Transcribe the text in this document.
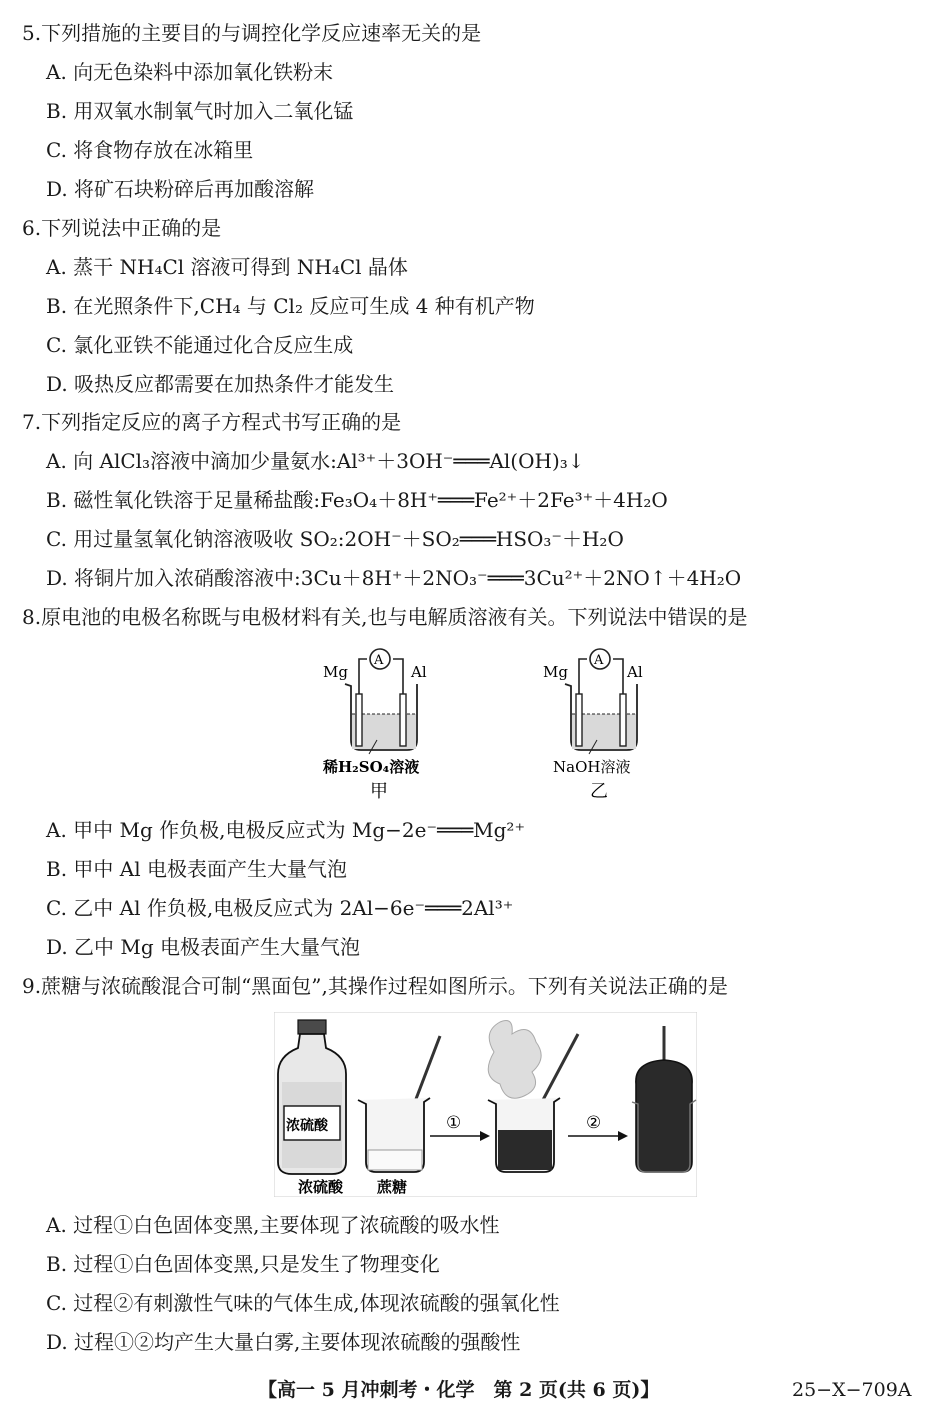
5.下列措施的主要目的与调控化学反应速率无关的是
A. 向无色染料中添加氧化铁粉末
B. 用双氧水制氧气时加入二氧化锰
C. 将食物存放在冰箱里
D. 将矿石块粉碎后再加酸溶解
6.下列说法中正确的是
A. 蒸干 NH₄Cl 溶液可得到 NH₄Cl 晶体
B. 在光照条件下,CH₄ 与 Cl₂ 反应可生成 4 种有机产物
C. 氯化亚铁不能通过化合反应生成
D. 吸热反应都需要在加热条件才能发生
7.下列指定反应的离子方程式书写正确的是
A. 向 AlCl₃溶液中滴加少量氨水:Al³⁺＋3OH⁻═══Al(OH)₃↓
B. 磁性氧化铁溶于足量稀盐酸:Fe₃O₄＋8H⁺═══Fe²⁺＋2Fe³⁺＋4H₂O
C. 用过量氢氧化钠溶液吸收 SO₂:2OH⁻＋SO₂═══HSO₃⁻＋H₂O
D. 将铜片加入浓硝酸溶液中:3Cu＋8H⁺＋2NO₃⁻═══3Cu²⁺＋2NO↑＋4H₂O
8.原电池的电极名称既与电极材料有关,也与电解质溶液有关。下列说法中错误的是
Mg	Al
A
稀H₂SO₄溶液
甲
Mg	Al
A
NaOH溶液
乙
A. 甲中 Mg 作负极,电极反应式为 Mg−2e⁻═══Mg²⁺
B. 甲中 Al 电极表面产生大量气泡
C. 乙中 Al 作负极,电极反应式为 2Al−6e⁻═══2Al³⁺
D. 乙中 Mg 电极表面产生大量气泡
9.蔗糖与浓硫酸混合可制“黑面包”,其操作过程如图所示。下列有关说法正确的是
浓硫酸
浓硫酸 蔗糖
①	②
A. 过程①白色固体变黑,主要体现了浓硫酸的吸水性
B. 过程①白色固体变黑,只是发生了物理变化
C. 过程②有刺激性气味的气体生成,体现浓硫酸的强氧化性
D. 过程①②均产生大量白雾,主要体现浓硫酸的强酸性
【高一 5 月冲刺考・化学　第 2 页(共 6 页)】	25−X−709A
